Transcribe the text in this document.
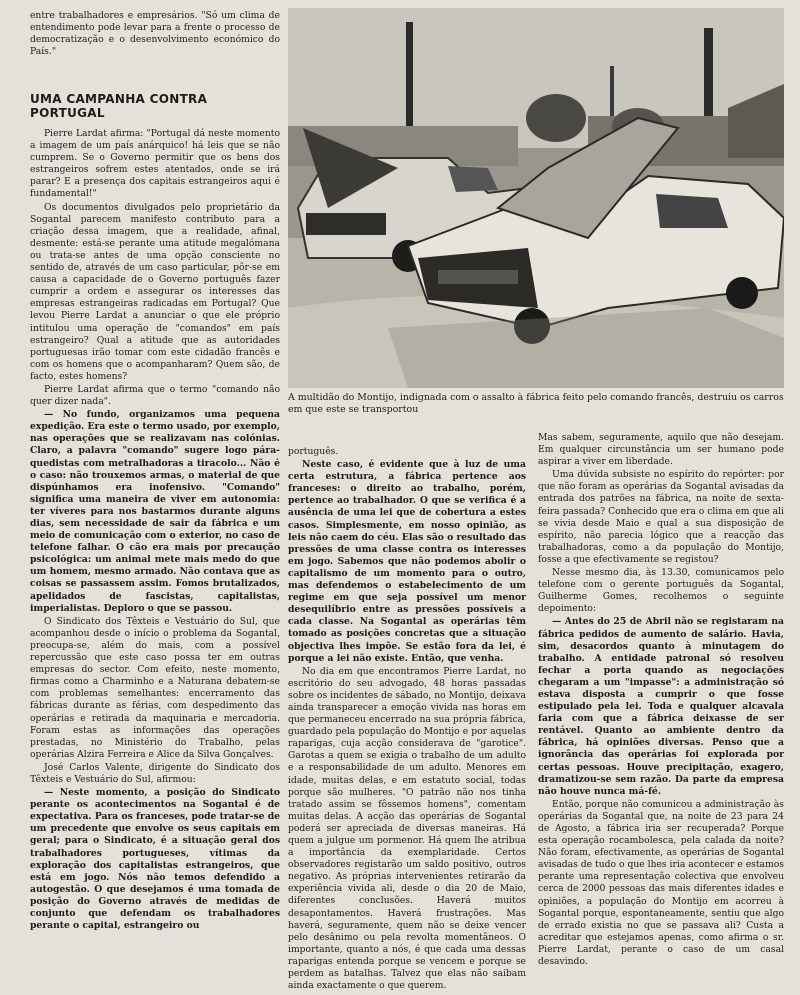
entre trabalhadores e empresários. "Só um clima de entendimento pode levar para a frente o processo de democratização e o desenvolvimento económico do País."

UMA CAMPANHA CONTRA PORTUGAL

Pierre Lardat afirma: "Portugal dá neste momento a imagem de um país anárquico! há leis que se não cumprem. Se o Governo permitir que os bens dos estrangeiros sofrem estes atentados, onde se irá parar? E a presença dos capitais estrangeiros aqui é fundamental!"

Os documentos divulgados pelo proprietário da Sogantal parecem manifesto contributo para a criação dessa imagem, que a realidade, afinal, desmente: está-se perante uma atitude megalómana ou trata-se antes de uma opção consciente no sentido de, através de um caso particular, pôr-se em causa a capacidade de o Governo português fazer cumprir a ordem e assegurar os interesses das empresas estrangeiras radicadas em Portugal? Que levou Pierre Lardat a anunciar o que ele próprio intitulou uma operação de "comandos" em país estrangeiro? Qual a atitude que as autoridades portuguesas irão tomar com este cidadão francês e com os homens que o acompanharam? Quem são, de facto, estes homens?

Pierre Lardat afirma que o termo "comando não quer dizer nada".

— No fundo, organizamos uma pequena expedição. Era este o termo usado, por exemplo, nas operações que se realizavam nas colónias. Claro, a palavra "comando" sugere logo pára-quedistas com metralhadoras a tiracolo... Não é o caso: não trouxemos armas, o material de que dispúnhamos era inofensivo. "Comando" significa uma maneira de viver em autonomia: ter víveres para nos bastarmos durante alguns dias, sem necessidade de sair da fábrica e um meio de comunicação com o exterior, no caso de telefone falhar. O cão era mais por precaução psicológica: um animal mete mais medo do que um homem, mesmo armado. Não contava que as coisas se passassem assim. Fomos brutalizados, apelidados de fascistas, capitalistas, imperialistas. Deploro o que se passou.

O Sindicato dos Têxteis e Vestuário do Sul, que acompanhou desde o início o problema da Sogantal, preocupa-se, além do mais, com a possível repercussão que este caso possa ter em outras empresas do sector. Com efeito, neste momento, firmas como a Charminho e a Naturana debatem-se com problemas semelhantes: encerramento das fábricas durante as férias, com despedimento das operárias e retirada da maquinaria e mercadoria. Foram estas as informações das operações prestadas, no Ministério do Trabalho, pelas operárias Alzira Ferreira e Alice da Silva Gonçalves.

José Carlos Valente, dirigente do Sindicato dos Têxteis e Vestuário do Sul, afirmou:

— Neste momento, a posição do Sindicato perante os acontecimentos na Sogantal é de expectativa. Para os franceses, pode tratar-se de um precedente que envolve os seus capitais em geral; para o Sindicato, é a situação geral dos trabalhadores portugueses, vítimas da exploração dos capitalistas estrangeiros, que está em jogo. Nós não temos defendido a autogestão. O que desejamos é uma tomada de posição do Governo através de medidas de conjunto que defendam os trabalhadores perante o capital, estrangeiro ou

A multidão do Montijo, indignada com o assalto à fábrica feito pelo comando francês, destruiu os carros em que este se transportou

português.

Neste caso, é evidente que à luz de uma certa estrutura, a fábrica pertence aos franceses: o direito ao trabalho, porém, pertence ao trabalhador. O que se verifica é a ausência de uma lei que de cobertura a estes casos. Simplesmente, em nosso opinião, as leis não caem do céu. Elas são o resultado das pressões de uma classe contra os interesses em jogo. Sabemos que não podemos abolir o capitalismo de um momento para o outro, mas defendemos o estabelecimento de um regime em que seja possível um menor desequilíbrio entre as pressões possíveis a cada classe. Na Sogantal as operárias têm tomado as posições concretas que a situação objectiva lhes impõe. Se estão fora da lei, é porque a lei não existe. Então, que venha.

No dia em que encontramos Pierre Lardat, no escritório do seu advogado, 48 horas passadas sobre os incidentes de sábado, no Montijo, deixava ainda transparecer a emoção vivida nas horas em que permaneceu encerrado na sua própria fábrica, guardado pela população do Montijo e por aquelas raparigas, cuja acção considerava de "garotice". Garotas a quem se exigia o trabalho de um adulto e a responsabilidade de um adulto. Menores em idade, muitas delas, e em estatuto social, todas porque são mulheres. "O patrão não nos tinha tratado assim se fôssemos homens", comentam muitas delas. A acção das operárias de Sogantal poderá ser apreciada de diversas maneiras. Há quem a julgue um pormenor. Há quem lhe atribua a importância da exemplaridade. Certos observadores registarão um saldo positivo, outros negativo. As próprias intervenientes retirarão da experiência vivida ali, desde o dia 20 de Maio, diferentes conclusões. Haverá muitos desapontamentos. Haverá frustrações. Mas haverá, seguramente, quem não se deixe vencer pelo desânimo ou pela revolta momentâneos. O importante, quanto a nós, é que cada uma dessas raparigas entenda porque se vencem e porque se perdem as batalhas. Talvez que elas não saibam ainda exactamente o que querem.

Mas sabem, seguramente, aquilo que não desejam. Em qualquer circunstância um ser humano pode aspirar a viver em liberdade.

Uma dúvida subsiste no espírito do repórter: por que não foram as operárias da Sogantal avisadas da entrada dos patrões na fábrica, na noite de sexta-feira passada? Conhecido que era o clima em que ali se vivia desde Maio e qual a sua disposição de espírito, não parecia lógico que a reacção das trabalhadoras, como a da população do Montijo, fosse a que efectivamente se registou?

Nesse mesmo dia, às 13.30, comunicamos pelo telefone com o gerente português da Sogantal, Guilherme Gomes, recolhemos o seguinte depoimento:

— Antes do 25 de Abril não se registaram na fábrica pedidos de aumento de salário. Havia, sim, desacordos quanto à minutagem do trabalho. A entidade patronal só resolveu fechar a porta quando as negociações chegaram a um "impasse": a administração só estava disposta a cumprir o que fosse estipulado pela lei. Toda e qualquer alcavala faria com que a fábrica deixasse de ser rentável. Quanto ao ambiente dentro da fábrica, há opiniões diversas. Penso que a ignorância das operárias foi explorada por certas pessoas. Houve precipitação, exagero, dramatizou-se sem razão. Da parte da empresa não houve nunca má-fé.

Então, porque não comunicou a administração às operárias da Sogantal que, na noite de 23 para 24 de Agosto, a fábrica iria ser recuperada? Porque esta operação rocambolesca, pela calada da noite? Não foram, efectivamente, as operárias de Sogantal avisadas de tudo o que lhes iria acontecer e estamos perante uma representação colectiva que envolveu cerca de 2000 pessoas das mais diferentes idades e opiniões, a população do Montijo em acorreu à Sogantal porque, espontaneamente, sentiu que algo de errado existia no que se passava ali? Custa a acreditar que estejamos apenas, como afirma o sr. Pierre Lardat, perante o caso de um casal desavindo.
